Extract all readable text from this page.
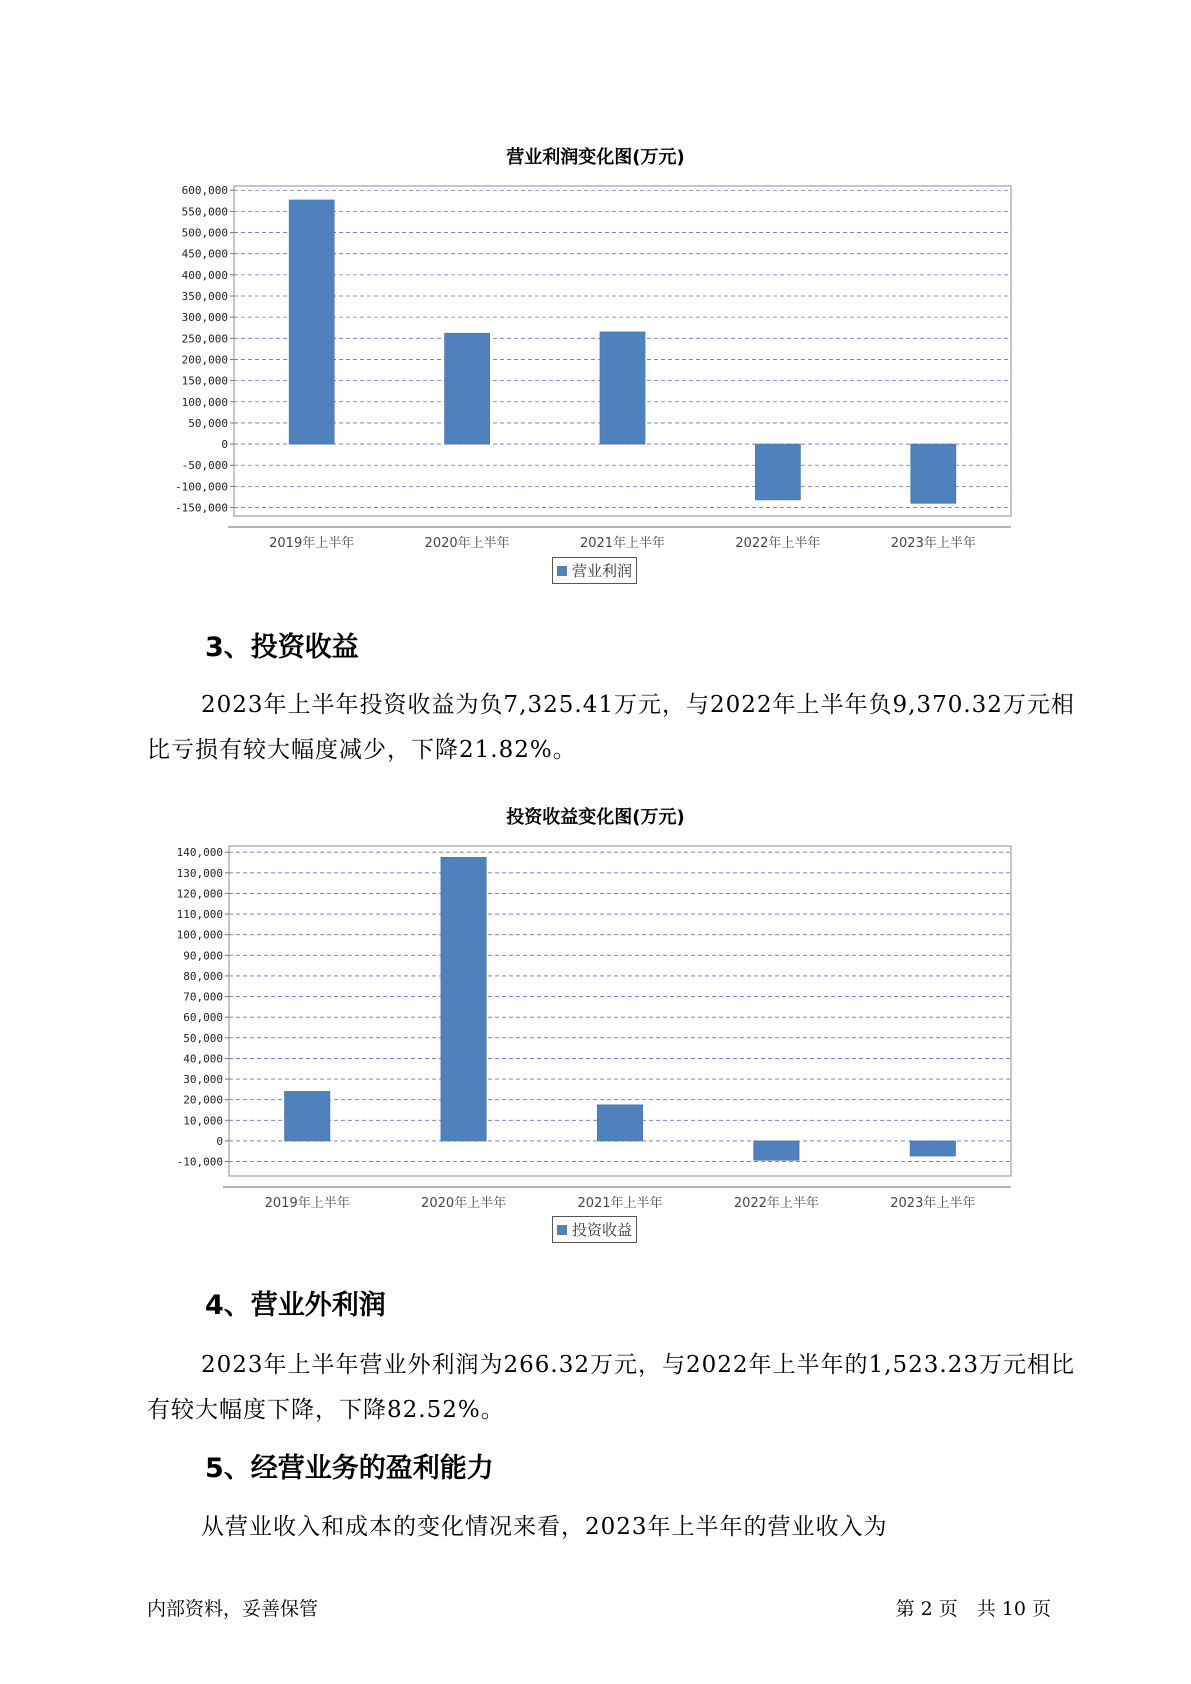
营业利润变化图(万元)
600,000
550,000
500,000
450,000
400,000
350,000
300,000
250,000
200,000
150,000
100,000
50,000
0
-50,000
-100,000
-150,000
2019年上半年	2020年上半年	2021年上半年	2022年上半年	2023年上半年
营业利润
3、投资收益
2023年上半年投资收益为负7,325.41万元，与2022年上半年负9,370.32万元相比亏损有较大幅度减少，下降21.82%。
投资收益变化图(万元)
140,000
130,000
120,000
110,000
100,000
90,000
80,000
70,000
60,000
50,000
40,000
30,000
20,000
10,000
0
-10,000
2019年上半年	2020年上半年	2021年上半年	2022年上半年	2023年上半年
投资收益
4、营业外利润
2023年上半年营业外利润为266.32万元，与2022年上半年的1,523.23万元相比有较大幅度下降，下降82.52%。
5、经营业务的盈利能力
从营业收入和成本的变化情况来看，2023年上半年的营业收入为
内部资料，妥善保管	第 2 页　共 10 页
